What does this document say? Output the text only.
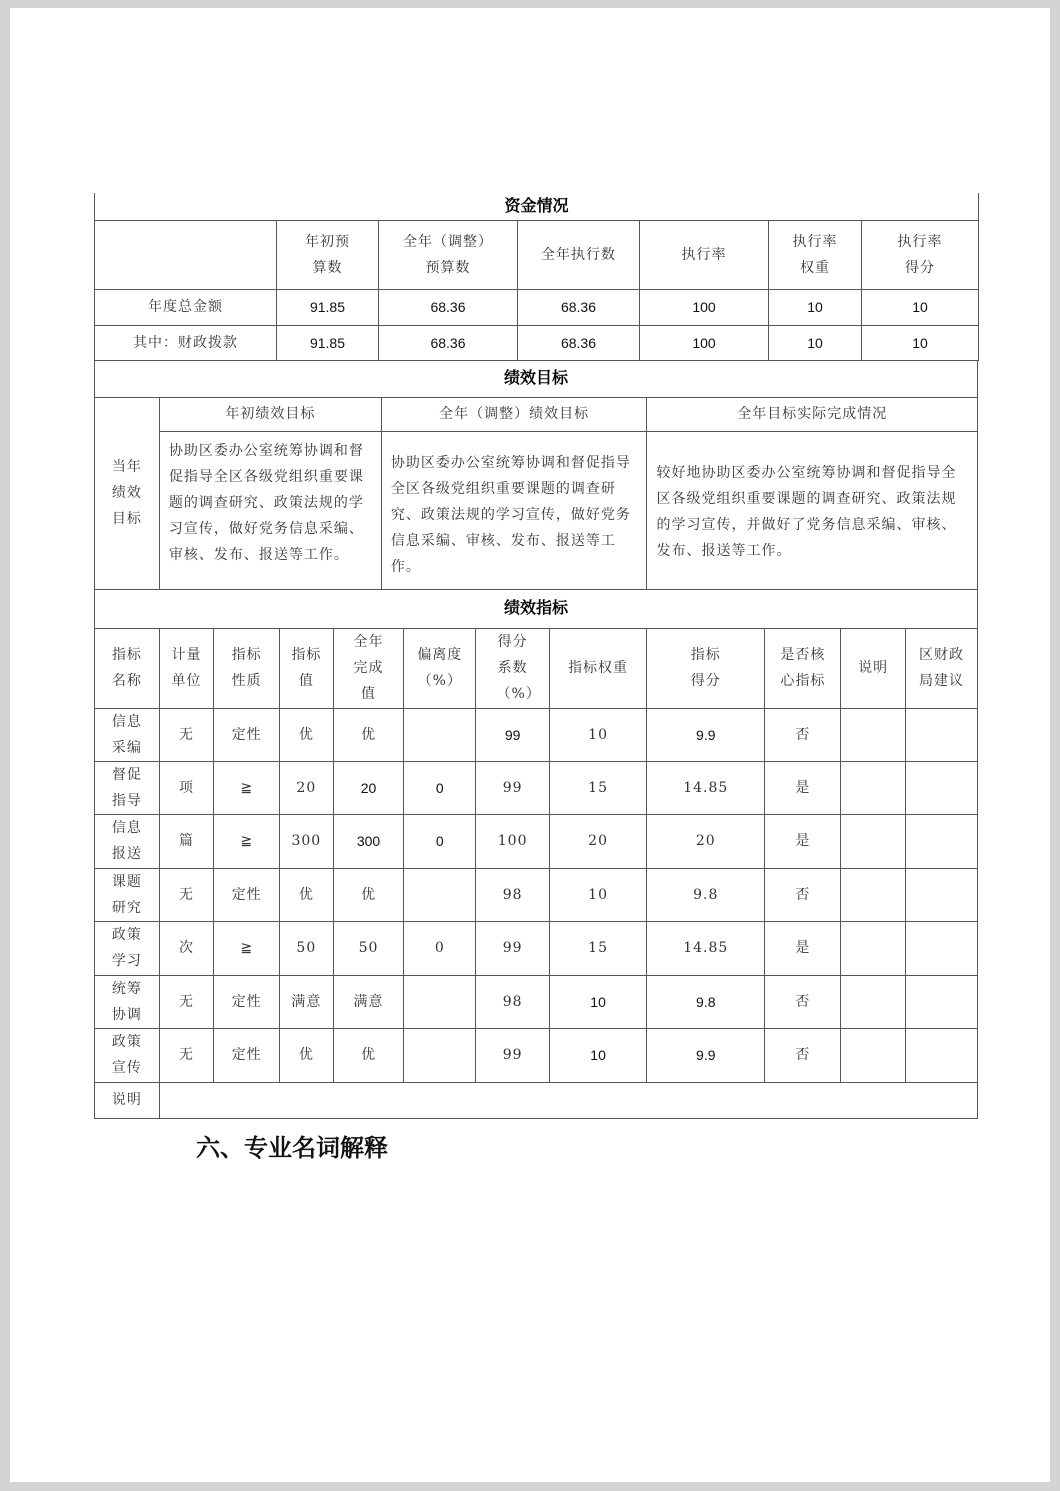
资金情况						
	年初预算数	全年（调整）预算数	全年执行数	执行率	执行率权重	执行率得分
年度总金额	91.85	68.36	68.36	100	10	10
其中：财政拨款	91.85	68.36	68.36	100	10	10
绩效目标			
当年绩效目标	年初绩效目标	全年（调整）绩效目标	全年目标实际完成情况
	协助区委办公室统筹协调和督促指导全区各级党组织重要课题的调查研究、政策法规的学习宣传，做好党务信息采编、审核、发布、报送等工作。	协助区委办公室统筹协调和督促指导全区各级党组织重要课题的调查研究、政策法规的学习宣传，做好党务信息采编、审核、发布、报送等工作。	较好地协助区委办公室统筹协调和督促指导全区各级党组织重要课题的调查研究、政策法规的学习宣传，并做好了党务信息采编、审核、发布、报送等工作。
绩效指标											
指标名称	计量单位	指标性质	指标值	全年完成值	偏离度（%）	得分系数（%）	指标权重	指标得分	是否核心指标	说明	区财政局建议
信息采编	无	定性	优	优		99	10	9.9	否		
督促指导	项	≧	20	20	0	99	15	14.85	是		
信息报送	篇	≧	300	300	0	100	20	20	是		
课题研究	无	定性	优	优		98	10	9.8	否		
政策学习	次	≧	50	50	0	99	15	14.85	是		
统筹协调	无	定性	满意	满意		98	10	9.8	否		
政策宣传	无	定性	优	优		99	10	9.9	否		
说明											
六、专业名词解释
